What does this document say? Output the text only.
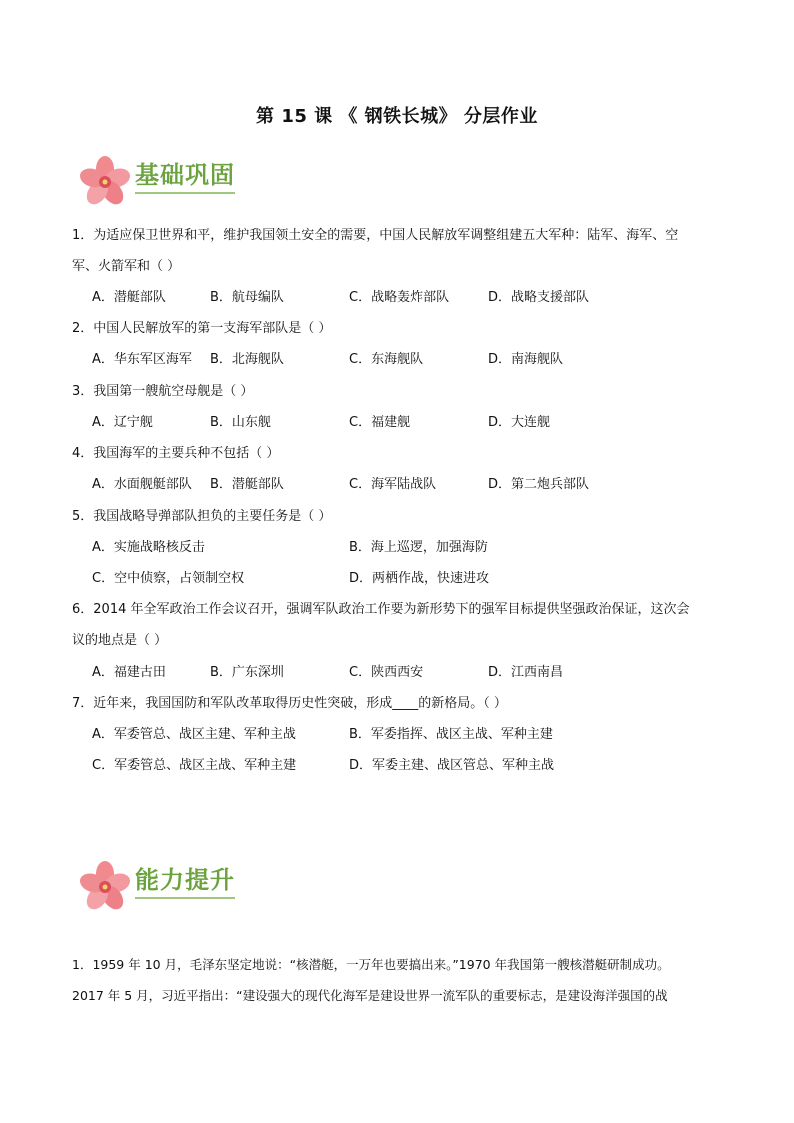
第 15 课 《 钢铁长城》 分层作业
基础巩固
1．为适应保卫世界和平，维护我国领土安全的需要，中国人民解放军调整组建五大军种：陆军、海军、空
军、火箭军和（ ）
A．潜艇部队	B．航母编队	C．战略轰炸部队	D．战略支援部队
2．中国人民解放军的第一支海军部队是（ ）
A．华东军区海军 B．北海舰队	C．东海舰队	D．南海舰队
3．我国第一艘航空母舰是（ ）
A．辽宁舰	B．山东舰	C．福建舰	D．大连舰
4．我国海军的主要兵种不包括（ ）
A．水面舰艇部队 B．潜艇部队	C．海军陆战队	D．第二炮兵部队
5．我国战略导弹部队担负的主要任务是（ ）
A．实施战略核反击	B．海上巡逻，加强海防
C．空中侦察，占领制空权	D．两栖作战，快速进攻
6．2014 年全军政治工作会议召开，强调军队政治工作要为新形势下的强军目标提供坚强政治保证，这次会
议的地点是（ ）
A．福建古田	B．广东深圳	C．陕西西安	D．江西南昌
7．近年来，我国国防和军队改革取得历史性突破，形成____的新格局。（ ）
A．军委管总、战区主建、军种主战	B．军委指挥、战区主战、军种主建
C．军委管总、战区主战、军种主建	D．军委主建、战区管总、军种主战
能力提升
1．1959 年 10 月，毛泽东坚定地说：“核潜艇，一万年也要搞出来。”1970 年我国第一艘核潜艇研制成功。
2017 年 5 月，习近平指出：“建设强大的现代化海军是建设世界一流军队的重要标志，是建设海洋强国的战
